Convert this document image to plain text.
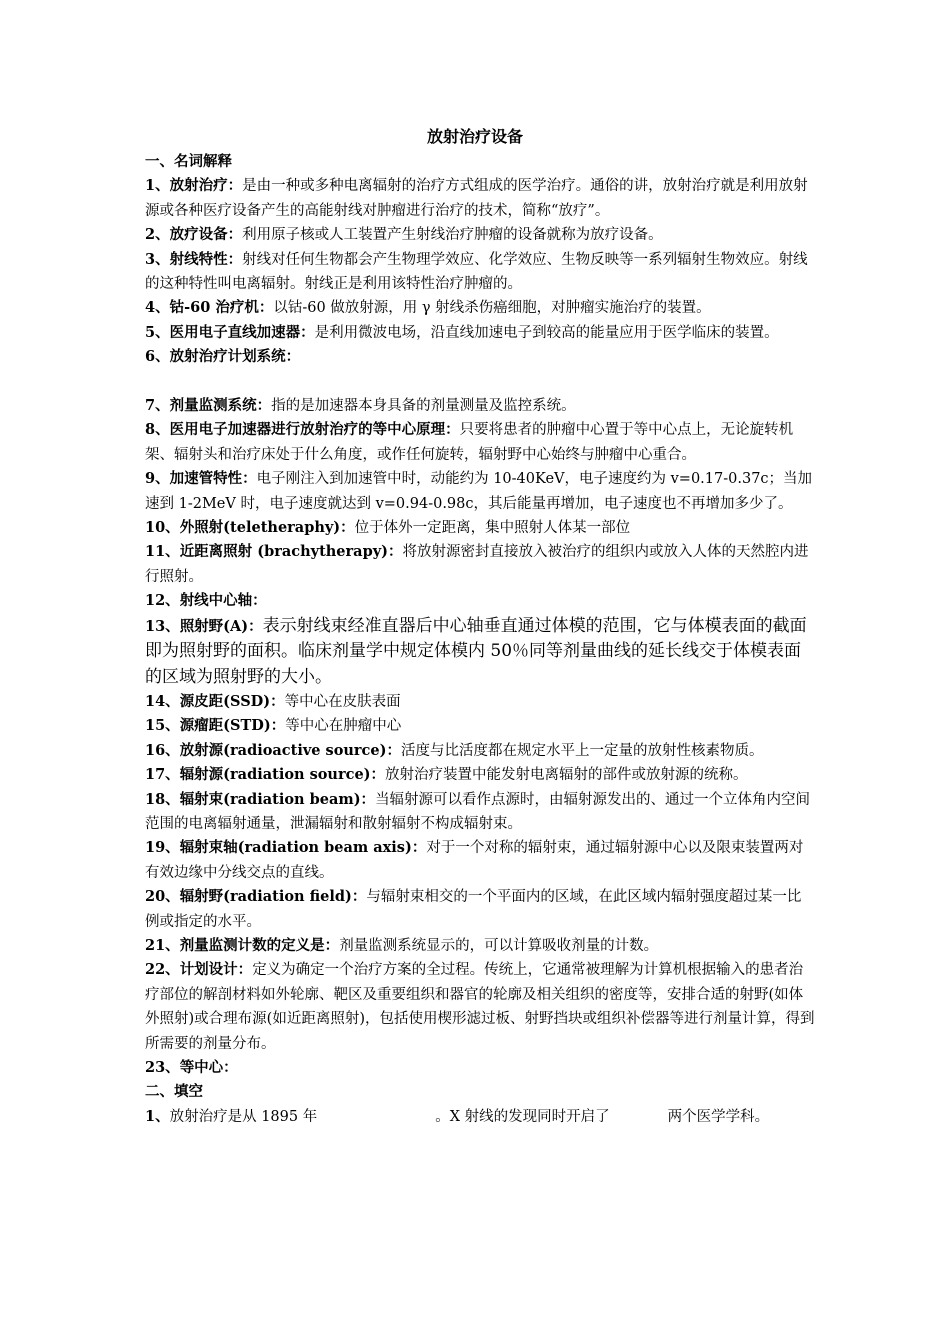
放射治疗设备

一、名词解释

1、放射治疗：是由一种或多种电离辐射的治疗方式组成的医学治疗。通俗的讲，放射治疗就是利用放射源或各种医疗设备产生的高能射线对肿瘤进行治疗的技术，简称“放疗”。

2、放疗设备：利用原子核或人工装置产生射线治疗肿瘤的设备就称为放疗设备。

3、射线特性：射线对任何生物都会产生物理学效应、化学效应、生物反映等一系列辐射生物效应。射线的这种特性叫电离辐射。射线正是利用该特性治疗肿瘤的。

4、钴-60 治疗机：以钴-60 做放射源，用 γ 射线杀伤癌细胞，对肿瘤实施治疗的装置。

5、医用电子直线加速器：是利用微波电场，沿直线加速电子到较高的能量应用于医学临床的装置。

6、放射治疗计划系统：

7、剂量监测系统：指的是加速器本身具备的剂量测量及监控系统。

8、医用电子加速器进行放射治疗的等中心原理：只要将患者的肿瘤中心置于等中心点上，无论旋转机架、辐射头和治疗床处于什么角度，或作任何旋转，辐射野中心始终与肿瘤中心重合。

9、加速管特性：电子刚注入到加速管中时，动能约为 10-40KeV，电子速度约为 v=0.17-0.37c；当加速到 1-2MeV 时，电子速度就达到 v=0.94-0.98c，其后能量再增加，电子速度也不再增加多少了。

10、外照射(teletheraphy)：位于体外一定距离，集中照射人体某一部位

11、近距离照射 (brachytherapy)：将放射源密封直接放入被治疗的组织内或放入人体的天然腔内进行照射。

12、射线中心轴：

13、照射野(A)：表示射线束经准直器后中心轴垂直通过体模的范围，它与体模表面的截面即为照射野的面积。临床剂量学中规定体模内 50％同等剂量曲线的延长线交于体模表面的区域为照射野的大小。

14、源皮距(SSD)：等中心在皮肤表面

15、源瘤距(STD)：等中心在肿瘤中心

16、放射源(radioactive source)：活度与比活度都在规定水平上一定量的放射性核素物质。

17、辐射源(radiation source)：放射治疗装置中能发射电离辐射的部件或放射源的统称。

18、辐射束(radiation beam)：当辐射源可以看作点源时，由辐射源发出的、通过一个立体角内空间范围的电离辐射通量，泄漏辐射和散射辐射不构成辐射束。

19、辐射束轴(radiation beam axis)：对于一个对称的辐射束，通过辐射源中心以及限束装置两对有效边缘中分线交点的直线。

20、辐射野(radiation field)：与辐射束相交的一个平面内的区域，在此区域内辐射强度超过某一比例或指定的水平。

21、剂量监测计数的定义是：剂量监测系统显示的，可以计算吸收剂量的计数。

22、计划设计：定义为确定一个治疗方案的全过程。传统上，它通常被理解为计算机根据输入的患者治疗部位的解剖材料如外轮廓、靶区及重要组织和器官的轮廓及相关组织的密度等，安排合适的射野(如体外照射)或合理布源(如近距离照射)，包括使用楔形滤过板、射野挡块或组织补偿器等进行剂量计算，得到所需要的剂量分布。

23、等中心：

二、填空

1、放射治疗是从 1895 年	。X 射线的发现同时开启了	两个医学学科。
